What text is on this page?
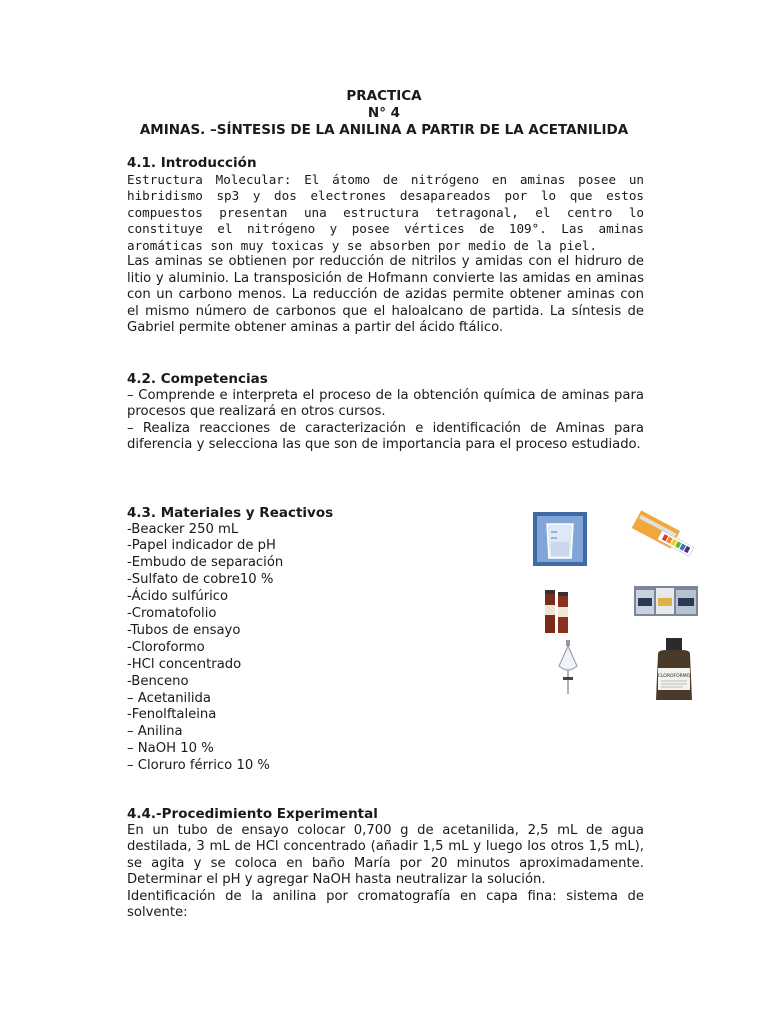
PRACTICA
N° 4
AMINAS. –SÍNTESIS DE LA ANILINA A PARTIR DE LA ACETANILIDA

4.1. Introducción

Estructura Molecular: El átomo de nitrógeno en aminas posee un hibridismo sp3 y dos electrones desapareados por lo que estos compuestos presentan una estructura tetragonal, el centro lo constituye el nitrógeno y posee vértices de 109°. Las aminas aromáticas son muy toxicas y se absorben por medio de la piel.

Las aminas se obtienen por reducción de nitrilos y amidas con el hidruro de litio y aluminio. La transposición de Hofmann convierte las amidas en aminas con un carbono menos. La reducción de azidas permite obtener aminas con el mismo número de carbonos que el haloalcano de partida. La síntesis de Gabriel permite obtener aminas a partir del ácido ftálico.

4.2. Competencias

– Comprende e interpreta el proceso de la obtención química de aminas para procesos que realizará en otros cursos.

– Realiza reacciones de caracterización e identificación de Aminas para diferencia y selecciona las que son de importancia para el proceso estudiado.

4.3. Materiales y Reactivos

-Beacker 250 mL
-Papel indicador de pH
-Embudo de separación
-Sulfato de cobre10 %
-Ácido sulfúrico
-Cromatofolio
-Tubos de ensayo
-Cloroformo
-HCl concentrado
-Benceno
– Acetanilida
-Fenolftaleina
– Anilina
– NaOH 10 %
– Cloruro férrico 10 %
CLOROFORMO

4.4.-Procedimiento Experimental

En un tubo de ensayo colocar 0,700 g de acetanilida, 2,5 mL de agua destilada, 3 mL de HCl concentrado (añadir 1,5 mL y luego los otros 1,5 mL), se agita y se coloca en baño María por 20 minutos aproximadamente. Determinar el pH y agregar NaOH hasta neutralizar la solución.

Identificación de la anilina por cromatografía en capa fina: sistema de solvente:
